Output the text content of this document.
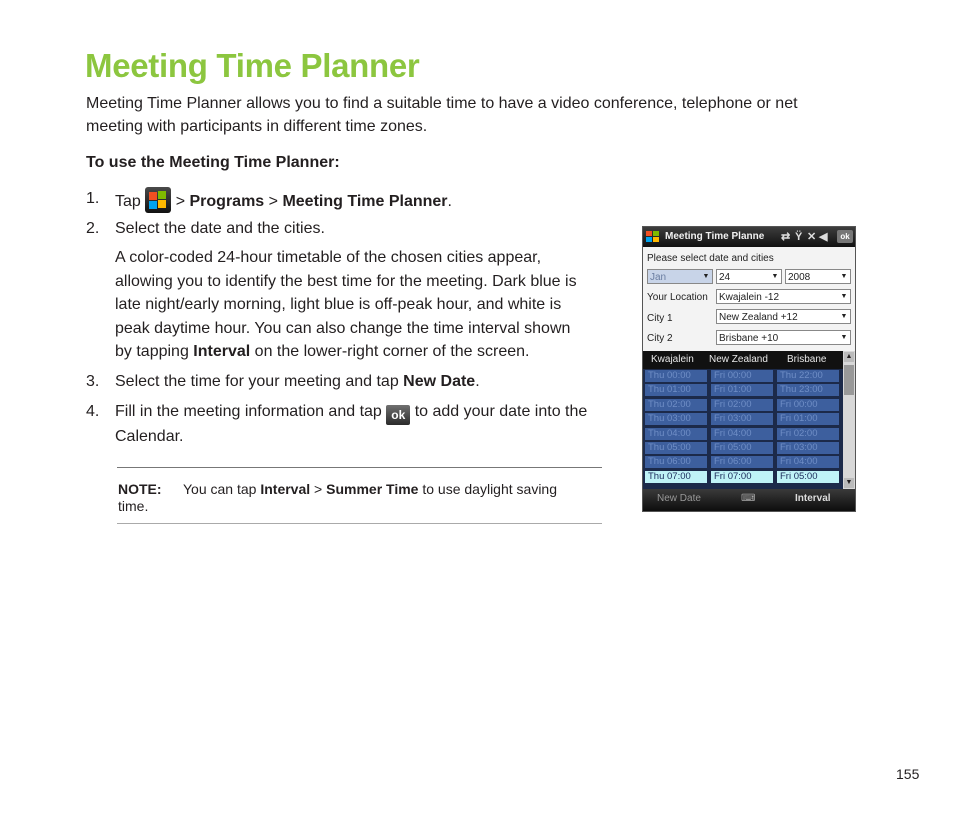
Meeting Time Planner
Meeting Time Planner allows you to find a suitable time to have a video conference, telephone or net meeting with participants in different time zones.
To use the Meeting Time Planner:
1. Tap > Programs > Meeting Time Planner.
2. Select the date and the cities.
A color-coded 24-hour timetable of the chosen cities appear,
allowing you to identify the best time for the meeting. Dark blue is
late night/early morning, light blue is off-peak hour, and white is
peak daytime hour. You can also change the time interval shown
by tapping Interval on the lower-right corner of the screen.
3. Select the time for your meeting and tap New Date.
4. Fill in the meeting information and tap ok to add your date into the
Calendar.
NOTE: You can tap Interval > Summer Time to use daylight saving
time.
Meeting Time Planne ⇄ Ÿ ✕ ◀	ok
Please select date and cities
Jan	▼ 24	▼ 2008	▼
Your Location	Kwajalein -12	▼
City 1	New Zealand +12	▼
City 2	Brisbane +10	▼
Kwajalein New Zealand Brisbane
Thu 00:00	Fri 00:00	Thu 22:00
Thu 01:00	Fri 01:00	Thu 23:00
Thu 02:00	Fri 02:00	Fri 00:00
Thu 03:00	Fri 03:00	Fri 01:00
Thu 04:00	Fri 04:00	Fri 02:00
Thu 05:00	Fri 05:00	Fri 03:00
Thu 06:00	Fri 06:00	Fri 04:00
Thu 07:00	Fri 07:00	Fri 05:00
▲
▼
New Date	⌨	Interval
155
